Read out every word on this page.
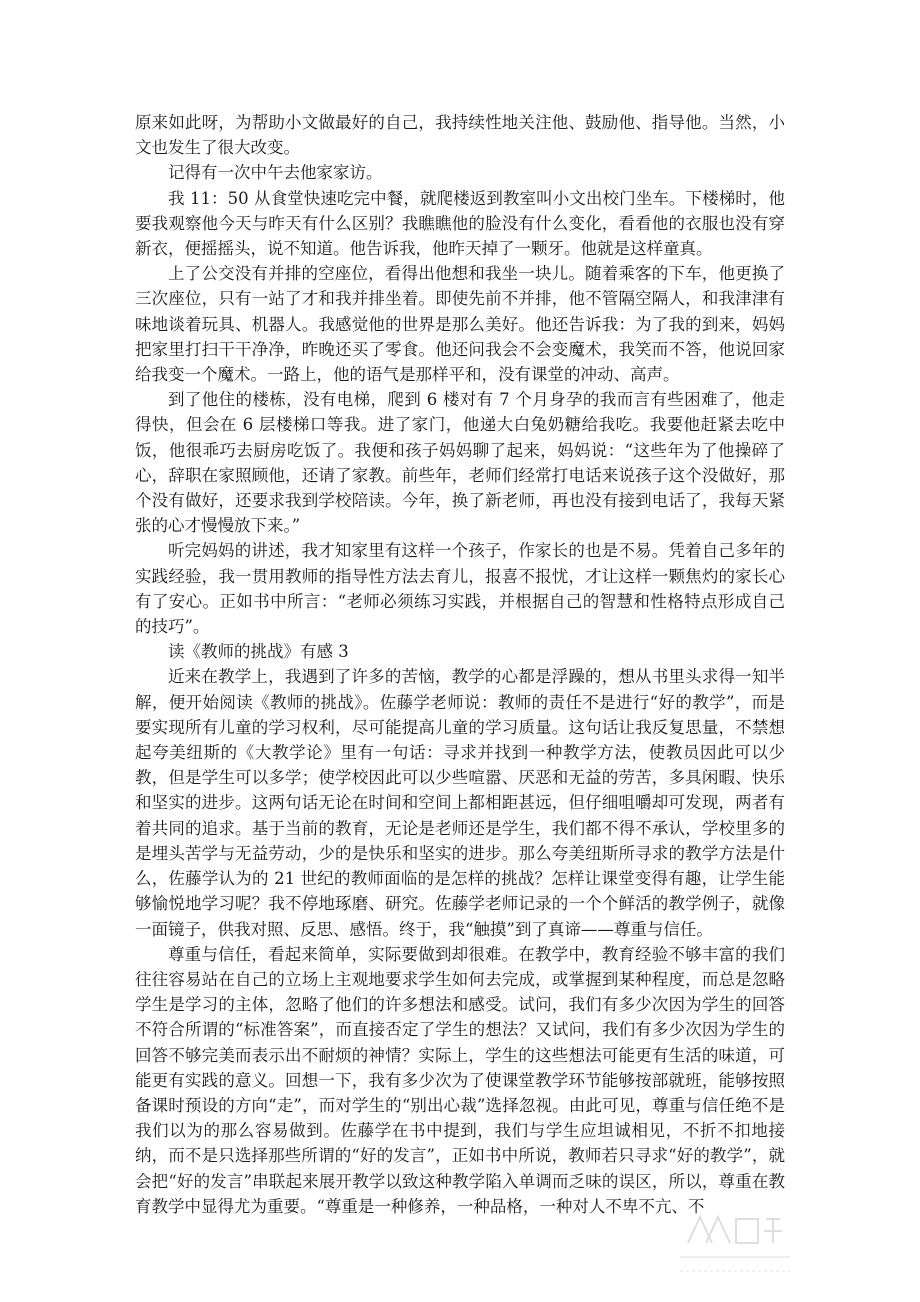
原来如此呀，为帮助小文做最好的自己，我持续性地关注他、鼓励他、指导他。当然，小文也发生了很大改变。

记得有一次中午去他家家访。

我 11：50 从食堂快速吃完中餐，就爬楼返到教室叫小文出校门坐车。下楼梯时，他要我观察他今天与昨天有什么区别？我瞧瞧他的脸没有什么变化，看看他的衣服也没有穿新衣，便摇摇头，说不知道。他告诉我，他昨天掉了一颗牙。他就是这样童真。

上了公交没有并排的空座位，看得出他想和我坐一块儿。随着乘客的下车，他更换了三次座位，只有一站了才和我并排坐着。即使先前不并排，他不管隔空隔人，和我津津有味地谈着玩具、机器人。我感觉他的世界是那么美好。他还告诉我：为了我的到来，妈妈把家里打扫干干净净，昨晚还买了零食。他还问我会不会变魔术，我笑而不答，他说回家给我变一个魔术。一路上，他的语气是那样平和，没有课堂的冲动、高声。

到了他住的楼栋，没有电梯，爬到 6 楼对有 7 个月身孕的我而言有些困难了，他走得快，但会在 6 层楼梯口等我。进了家门，他递大白兔奶糖给我吃。我要他赶紧去吃中饭，他很乖巧去厨房吃饭了。我便和孩子妈妈聊了起来，妈妈说：“这些年为了他操碎了心，辞职在家照顾他，还请了家教。前些年，老师们经常打电话来说孩子这个没做好，那个没有做好，还要求我到学校陪读。今年，换了新老师，再也没有接到电话了，我每天紧张的心才慢慢放下来。”

听完妈妈的讲述，我才知家里有这样一个孩子，作家长的也是不易。凭着自己多年的实践经验，我一贯用教师的指导性方法去育儿，报喜不报忧，才让这样一颗焦灼的家长心有了安心。正如书中所言：“老师必须练习实践，并根据自己的智慧和性格特点形成自己的技巧”。

读《教师的挑战》有感 3

近来在教学上，我遇到了许多的苦恼，教学的心都是浮躁的，想从书里头求得一知半解，便开始阅读《教师的挑战》。佐藤学老师说：教师的责任不是进行“好的教学”，而是要实现所有儿童的学习权利，尽可能提高儿童的学习质量。这句话让我反复思量，不禁想起夸美纽斯的《大教学论》里有一句话：寻求并找到一种教学方法，使教员因此可以少教，但是学生可以多学；使学校因此可以少些喧嚣、厌恶和无益的劳苦，多具闲暇、快乐和坚实的进步。这两句话无论在时间和空间上都相距甚远，但仔细咀嚼却可发现，两者有着共同的追求。基于当前的教育，无论是老师还是学生，我们都不得不承认，学校里多的是埋头苦学与无益劳动，少的是快乐和坚实的进步。那么夸美纽斯所寻求的教学方法是什么，佐藤学认为的 21 世纪的教师面临的是怎样的挑战？怎样让课堂变得有趣，让学生能够愉悦地学习呢？我不停地琢磨、研究。佐藤学老师记录的一个个鲜活的教学例子，就像一面镜子，供我对照、反思、感悟。终于，我“触摸”到了真谛——尊重与信任。

尊重与信任，看起来简单，实际要做到却很难。在教学中，教育经验不够丰富的我们往往容易站在自己的立场上主观地要求学生如何去完成，或掌握到某种程度，而总是忽略学生是学习的主体，忽略了他们的许多想法和感受。试问，我们有多少次因为学生的回答不符合所谓的“标准答案”，而直接否定了学生的想法？又试问，我们有多少次因为学生的回答不够完美而表示出不耐烦的神情？实际上，学生的这些想法可能更有生活的味道，可能更有实践的意义。回想一下，我有多少次为了使课堂教学环节能够按部就班，能够按照备课时预设的方向“走”，而对学生的“别出心裁”选择忽视。由此可见，尊重与信任绝不是我们以为的那么容易做到。佐藤学在书中提到，我们与学生应坦诚相见，不折不扣地接纳，而不是只选择那些所谓的“好的发言”，正如书中所说，教师若只寻求“好的教学”，就会把“好的发言”串联起来展开教学以致这种教学陷入单调而乏味的误区，所以，尊重在教育教学中显得尤为重要。“尊重是一种修养，一种品格，一种对人不卑不亢、不
